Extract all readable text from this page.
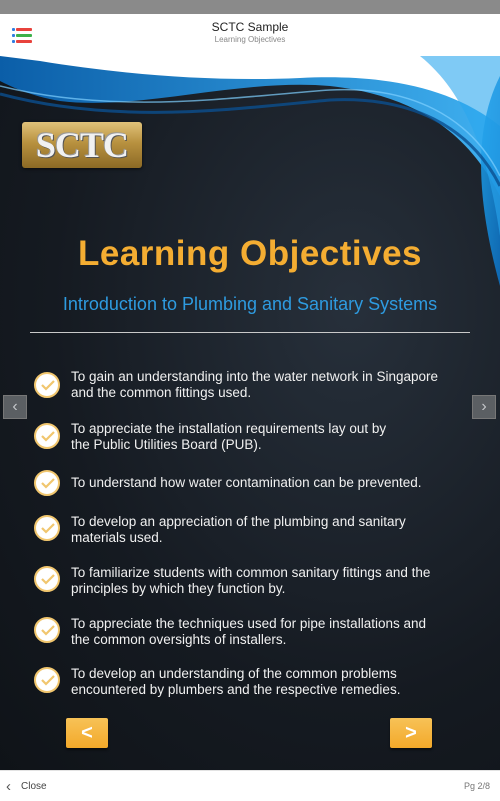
SCTC Sample
Learning Objectives
SCTC
Learning Objectives
Introduction to Plumbing and Sanitary Systems
To gain an understanding into the water network in Singapore
and the common fittings used.
To appreciate the installation requirements lay out by
the Public Utilities Board (PUB).
To understand how water contamination can be prevented.
To develop an appreciation of the plumbing and sanitary
materials used.
To familiarize students with common sanitary fittings and the
principles by which they function by.
To appreciate the techniques used for pipe installations and
the common oversights of installers.
To develop an understanding of the common problems
encountered by plumbers and the respective remedies.
<	>
‹	›
‹ Close	Pg 2/8
